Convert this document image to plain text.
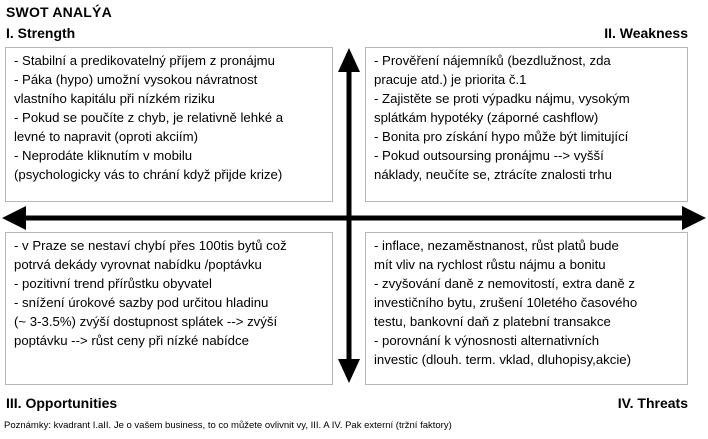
SWOT ANALÝA
I. Strength	II. Weakness
- Stabilní a predikovatelný příjem z pronájmu
- Páka (hypo) umožní vysokou návratnost
vlastního kapitálu při nízkém riziku
- Pokud se poučíte z chyb, je relativně lehké a
levné to napravit (oproti akciím)
- Neprodáte kliknutím v mobilu
(psychologicky vás to chrání když přijde krize)
- Prověření nájemníků (bezdlužnost, zda
pracuje atd.) je priorita č.1
- Zajistěte se proti výpadku nájmu, vysokým
splátkám hypotéky (záporné cashflow)
- Bonita pro získání hypo může být limitující
- Pokud outsoursing pronájmu --> vyšší
náklady, neučíte se, ztrácíte znalosti trhu
- v Praze se nestaví chybí přes 100tis bytů což
potrvá dekády vyrovnat nabídku /poptávku
- pozitivní trend přírůstku obyvatel
- snížení úrokové sazby pod určitou hladinu
(~ 3-3.5%) zvýší dostupnost splátek --> zvýší
poptávku --> růst ceny při nízké nabídce
- inflace, nezaměstnanost, růst platů bude
mít vliv na rychlost růstu nájmu a bonitu
- zvyšování daně z nemovitostí, extra daně z
investičního bytu, zrušení 10letého časového
testu, bankovní daň z platební transakce
- porovnání k výnosnosti alternativních
investic (dlouh. term. vklad, dluhopisy,akcie)
III. Opportunities	IV. Threats
Poznámky: kvadrant I.aII. Je o vašem business, to co můžete ovlivnit vy, III. A IV. Pak externí (tržní faktory)
